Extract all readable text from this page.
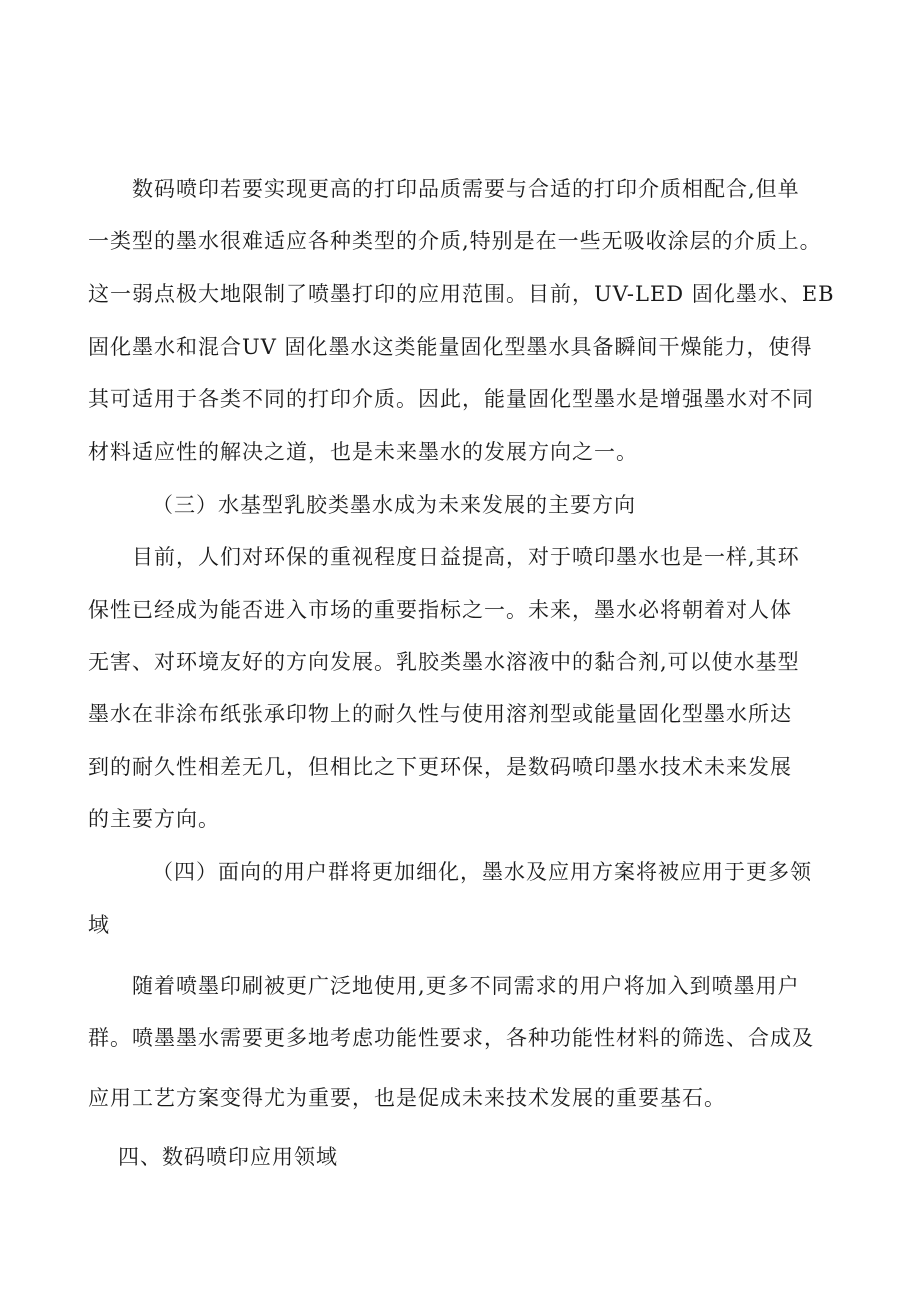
数码喷印若要实现更高的打印品质需要与合适的打印介质相配合,但单
一类型的墨水很难适应各种类型的介质,特别是在一些无吸收涂层的介质上。
这一弱点极大地限制了喷墨打印的应用范围。目前，UV-LED 固化墨水、EB
固化墨水和混合UV 固化墨水这类能量固化型墨水具备瞬间干燥能力，使得
其可适用于各类不同的打印介质。因此，能量固化型墨水是增强墨水对不同
材料适应性的解决之道，也是未来墨水的发展方向之一。
（三）水基型乳胶类墨水成为未来发展的主要方向
目前，人们对环保的重视程度日益提高，对于喷印墨水也是一样,其环
保性已经成为能否进入市场的重要指标之一。未来，墨水必将朝着对人体
无害、对环境友好的方向发展。乳胶类墨水溶液中的黏合剂,可以使水基型
墨水在非涂布纸张承印物上的耐久性与使用溶剂型或能量固化型墨水所达
到的耐久性相差无几，但相比之下更环保，是数码喷印墨水技术未来发展
的主要方向。
（四）面向的用户群将更加细化，墨水及应用方案将被应用于更多领
域
随着喷墨印刷被更广泛地使用,更多不同需求的用户将加入到喷墨用户
群。喷墨墨水需要更多地考虑功能性要求，各种功能性材料的筛选、合成及
应用工艺方案变得尤为重要，也是促成未来技术发展的重要基石。
四、数码喷印应用领域
